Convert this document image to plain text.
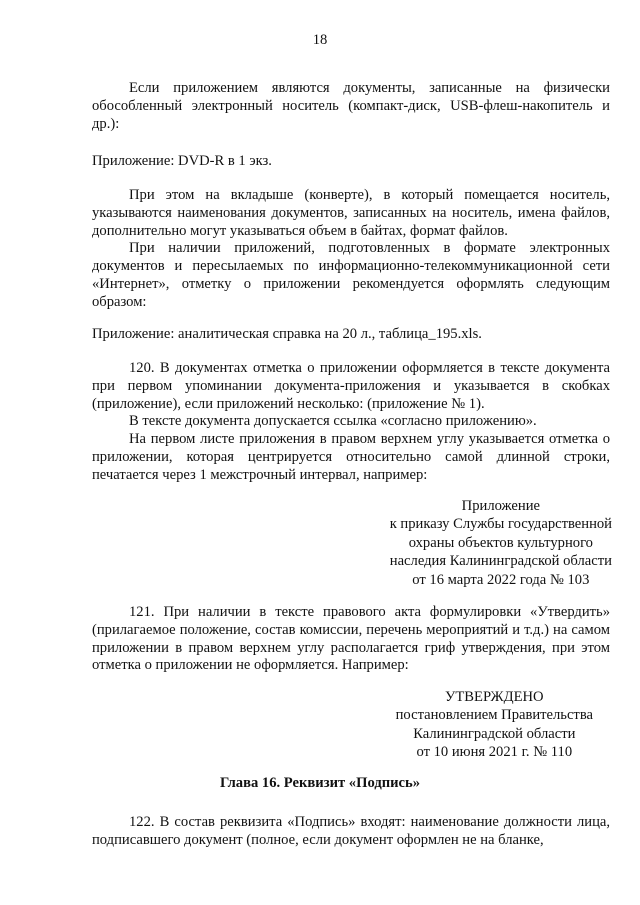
18

Если приложением являются документы, записанные на физически обособленный электронный носитель (компакт-диск, USB-флеш-накопитель и др.):

Приложение: DVD-R в 1 экз.

При этом на вкладыше (конверте), в который помещается носитель, указываются наименования документов, записанных на носитель, имена файлов, дополнительно могут указываться объем в байтах, формат файлов.

При наличии приложений, подготовленных в формате электронных документов и пересылаемых по информационно-телекоммуникационной сети «Интернет», отметку о приложении рекомендуется оформлять следующим образом:

Приложение: аналитическая справка на 20 л., таблица_195.xls.

120. В документах отметка о приложении оформляется в тексте документа при первом упоминании документа-приложения и указывается в скобках (приложение), если приложений несколько: (приложение № 1).

В тексте документа допускается ссылка «согласно приложению».

На первом листе приложения в правом верхнем углу указывается отметка о приложении, которая центрируется относительно самой длинной строки, печатается через 1 межстрочный интервал, например:

Приложение
к приказу Службы государственной
охраны объектов культурного
наследия Калининградской области
от 16 марта 2022 года № 103

121. При наличии в тексте правового акта формулировки «Утвердить» (прилагаемое положение, состав комиссии, перечень мероприятий и т.д.) на самом приложении в правом верхнем углу располагается гриф утверждения, при этом отметка о приложении не оформляется. Например:

УТВЕРЖДЕНО
постановлением Правительства
Калининградской области
от 10 июня 2021 г. № 110
Глава 16. Реквизит «Подпись»

122. В состав реквизита «Подпись» входят: наименование должности лица, подписавшего документ (полное, если документ оформлен не на бланке,
